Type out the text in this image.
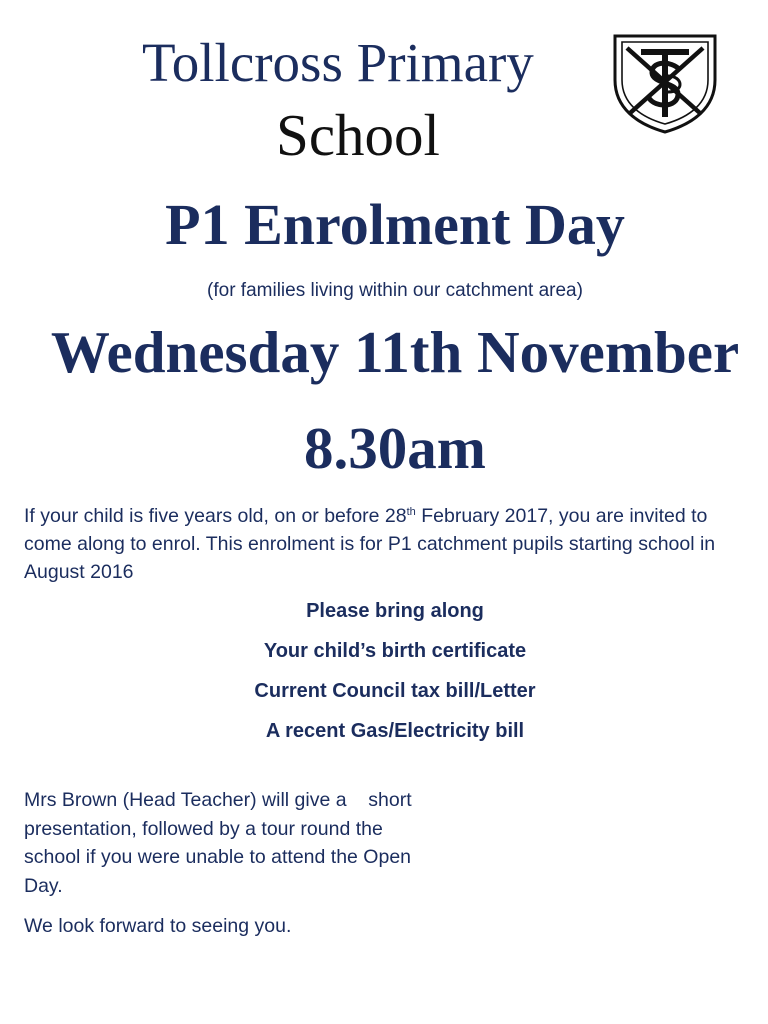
Tollcross Primary
School
P1 Enrolment Day
(for families living within our catchment area)
Wednesday 11th November
8.30am

If your child is five years old, on or before 28th February 2017, you are invited to come along to enrol. This enrolment is for P1 catchment pupils starting school in August 2016

Please bring along
Your child’s birth certificate
Current Council tax bill/Letter
A recent Gas/Electricity bill
Mrs Brown (Head Teacher) will give a    short
presentation, followed by a tour round the
school if you were unable to attend the Open
Day.

We look forward to seeing you.
